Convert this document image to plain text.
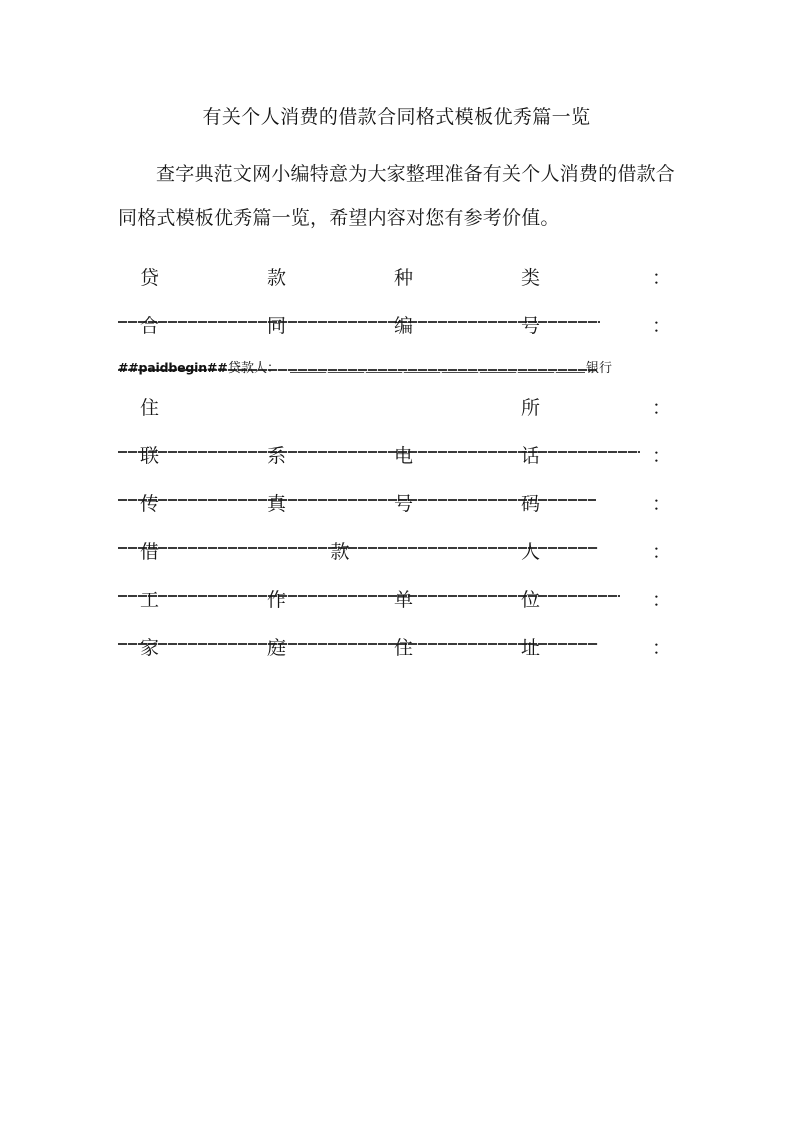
有关个人消费的借款合同格式模板优秀篇一览

查字典范文网小编特意为大家整理准备有关个人消费的借款合同格式模板优秀篇一览，希望内容对您有参考价值。

贷	款	种	类	：
合	同	编	号	：
##paidbegin## 贷款人：	银行
住	所	：
联	系	电	话	：
传	真	号	码	：
借	款	人	：
工	作	单	位	：
家	庭	住	址	：
